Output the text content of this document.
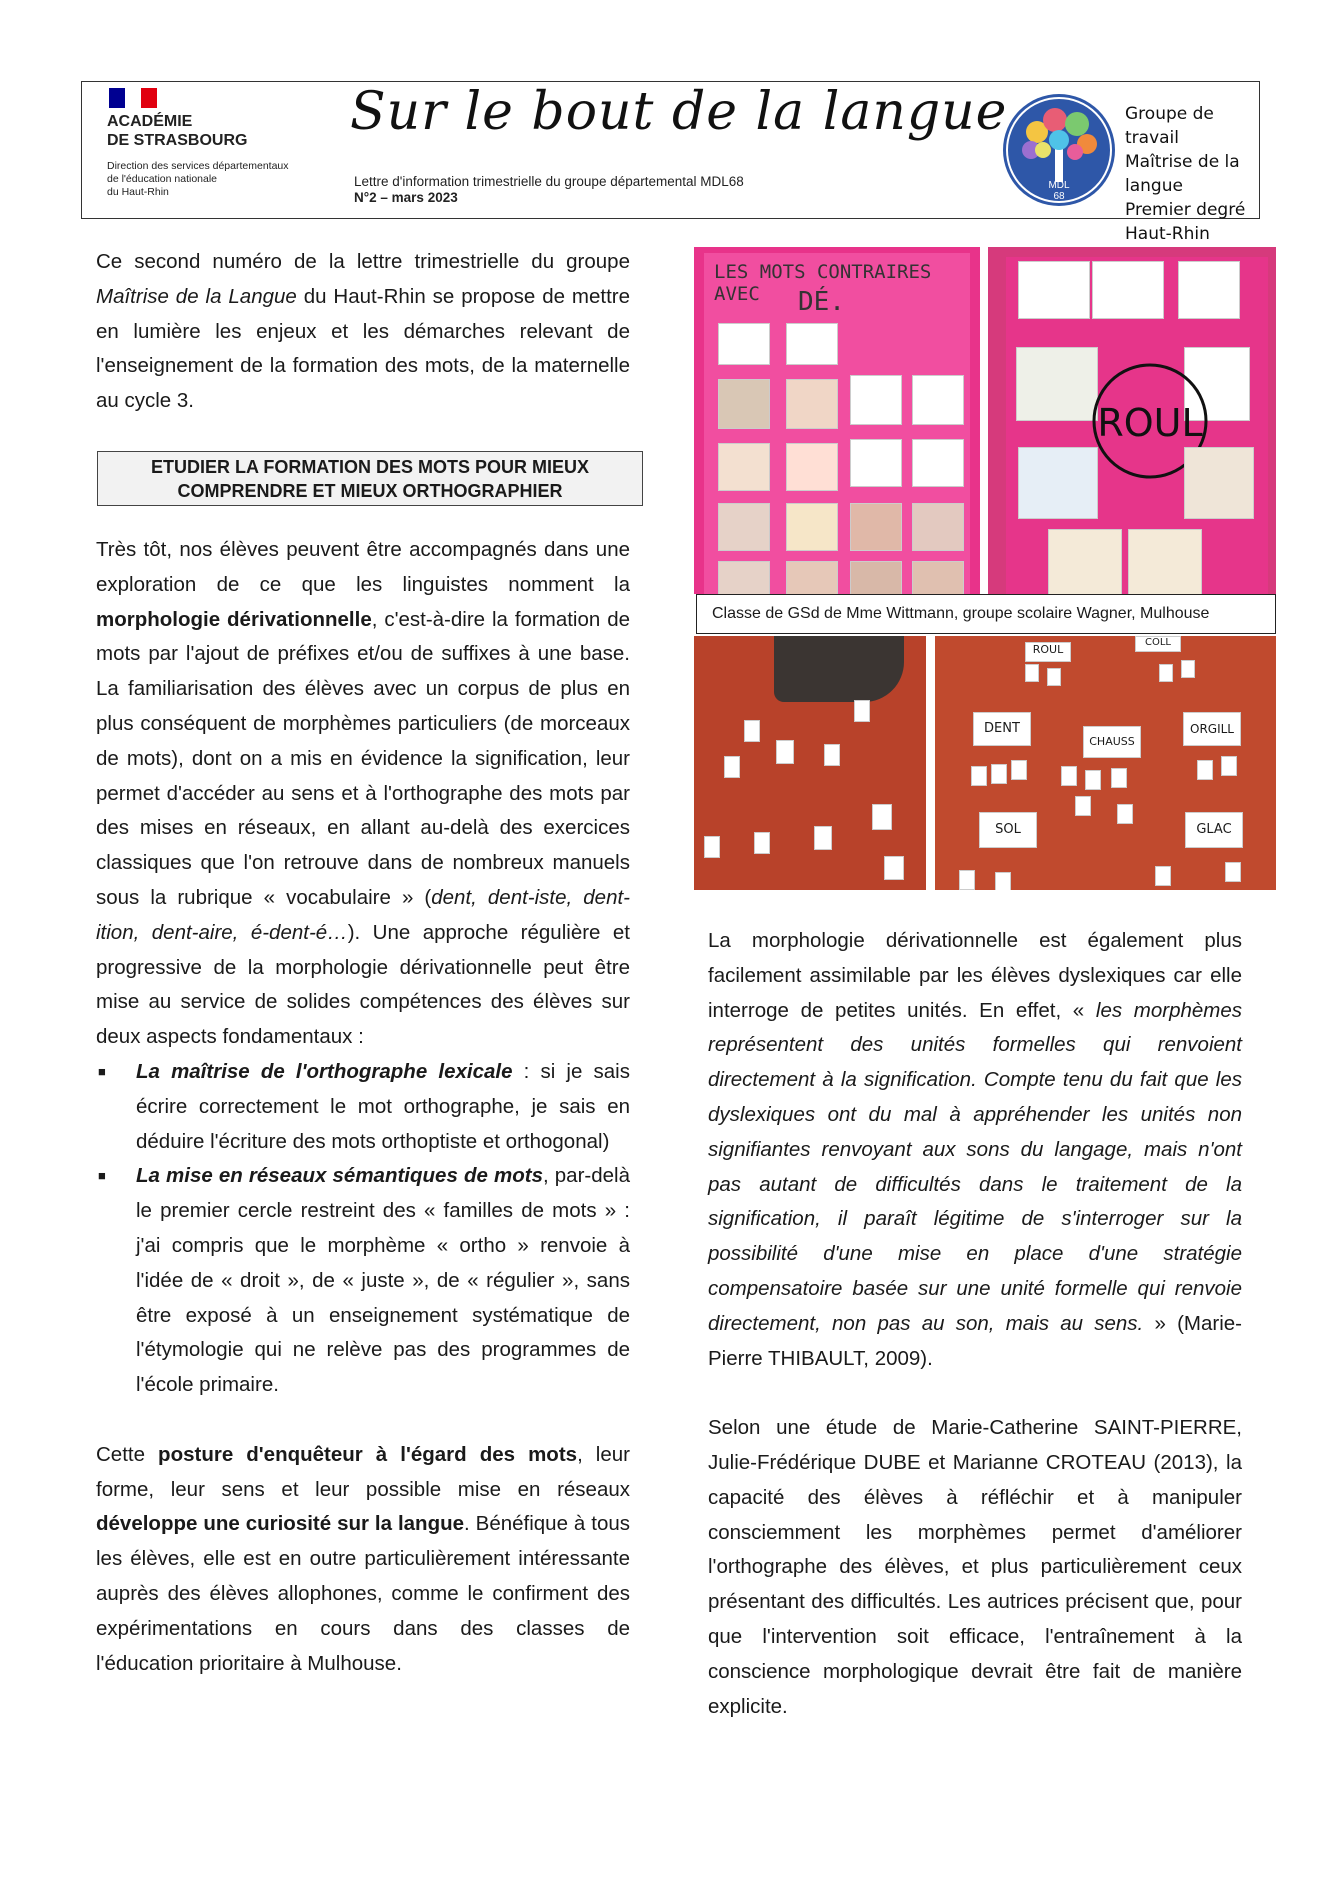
ACADÉMIE
DE STRASBOURG
Direction des services départementaux
de l'éducation nationale
du Haut-Rhin
Sur le bout de la langue
Lettre d'information trimestrielle du groupe départemental MDL68
N°2 – mars 2023
MDL
68
Groupe de travail
Maîtrise de la langue
Premier degré
Haut-Rhin

Ce second numéro de la lettre trimestrielle du groupe Maîtrise de la Langue du Haut-Rhin se propose de mettre en lumière les enjeux et les démarches relevant de l'enseignement de la formation des mots, de la maternelle au cycle 3.

ETUDIER LA FORMATION DES MOTS POUR MIEUX
COMPRENDRE ET MIEUX ORTHOGRAPHIER

Très tôt, nos élèves peuvent être accompagnés dans une exploration de ce que les linguistes nomment la morphologie dérivationnelle, c'est-à-dire la formation de mots par l'ajout de préfixes et/ou de suffixes à une base. La familiarisation des élèves avec un corpus de plus en plus conséquent de morphèmes particuliers (de morceaux de mots), dont on a mis en évidence la signification, leur permet d'accéder au sens et à l'orthographe des mots par des mises en réseaux, en allant au-delà des exercices classiques que l'on retrouve dans de nombreux manuels sous la rubrique « vocabulaire » (dent, dent-iste, dent-ition, dent-aire, é-dent-é…). Une approche régulière et progressive de la morphologie dérivationnelle peut être mise au service de solides compétences des élèves sur deux aspects fondamentaux :

■ La maîtrise de l'orthographe lexicale : si je sais écrire correctement le mot orthographe, je sais en déduire l'écriture des mots orthoptiste et orthogonal)
■ La mise en réseaux sémantiques de mots, par-delà le premier cercle restreint des « familles de mots » : j'ai compris que le morphème « ortho » renvoie à l'idée de « droit », de « juste », de « régulier », sans être exposé à un enseignement systématique de l'étymologie qui ne relève pas des programmes de l'école primaire.

Cette posture d'enquêteur à l'égard des mots, leur forme, leur sens et leur possible mise en réseaux développe une curiosité sur la langue. Bénéfique à tous les élèves, elle est en outre particulièrement intéressante auprès des élèves allophones, comme le confirment des expérimentations en cours dans des classes de l'éducation prioritaire à Mulhouse.

LES MOTS CONTRAIRES AVEC	DÉ.
ROUL
Classe de GSd de Mme Wittmann, groupe scolaire Wagner, Mulhouse
ROUL
COLL
DENT
CHAUSS
ORGILL
SOL	GLAC

La morphologie dérivationnelle est également plus facilement assimilable par les élèves dyslexiques car elle interroge de petites unités. En effet, « les morphèmes représentent des unités formelles qui renvoient directement à la signification. Compte tenu du fait que les dyslexiques ont du mal à appréhender les unités non signifiantes renvoyant aux sons du langage, mais n'ont pas autant de difficultés dans le traitement de la signification, il paraît légitime de s'interroger sur la possibilité d'une mise en place d'une stratégie compensatoire basée sur une unité formelle qui renvoie directement, non pas au son, mais au sens. » (Marie-Pierre THIBAULT, 2009).

Selon une étude de Marie-Catherine SAINT-PIERRE, Julie-Frédérique DUBE et Marianne CROTEAU (2013), la capacité des élèves à réfléchir et à manipuler consciemment les morphèmes permet d'améliorer l'orthographe des élèves, et plus particulièrement ceux présentant des difficultés. Les autrices précisent que, pour que l'intervention soit efficace, l'entraînement à la conscience morphologique devrait être fait de manière explicite.
